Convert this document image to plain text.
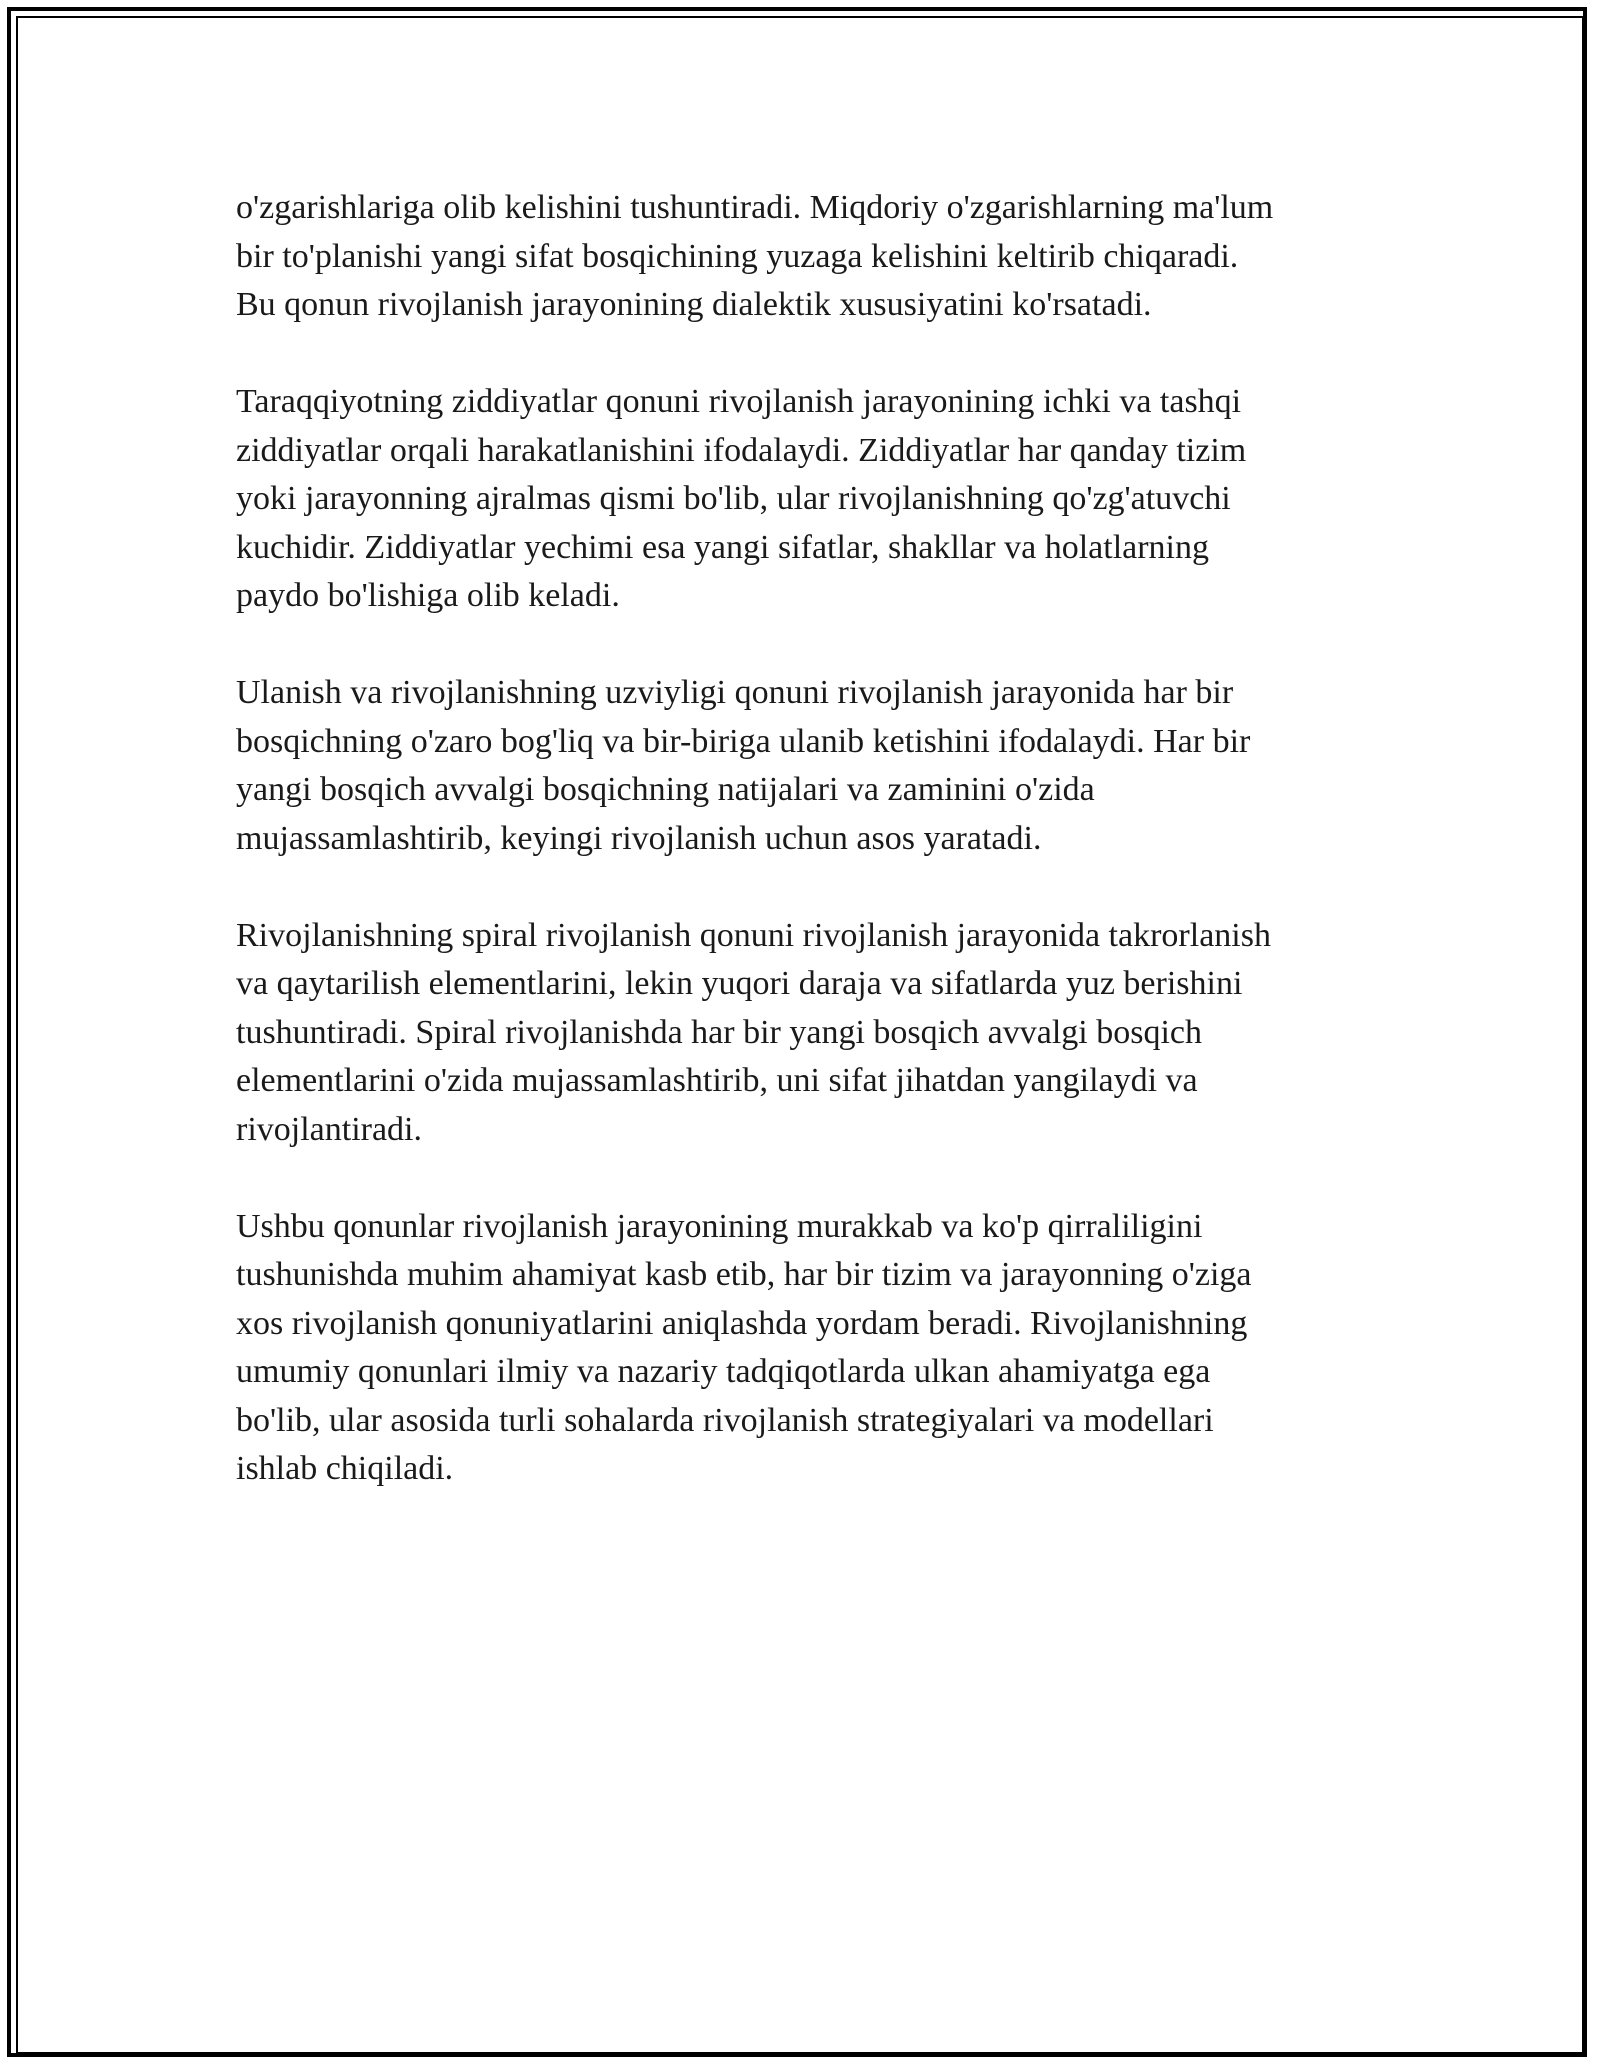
o'zgarishlariga olib kelishini tushuntiradi. Miqdoriy o'zgarishlarning ma'lum
bir to'planishi yangi sifat bosqichining yuzaga kelishini keltirib chiqaradi.
Bu qonun rivojlanish jarayonining dialektik xususiyatini ko'rsatadi.

Taraqqiyotning ziddiyatlar qonuni rivojlanish jarayonining ichki va tashqi
ziddiyatlar orqali harakatlanishini ifodalaydi. Ziddiyatlar har qanday tizim
yoki jarayonning ajralmas qismi bo'lib, ular rivojlanishning qo'zg'atuvchi
kuchidir. Ziddiyatlar yechimi esa yangi sifatlar, shakllar va holatlarning
paydo bo'lishiga olib keladi.

Ulanish va rivojlanishning uzviyligi qonuni rivojlanish jarayonida har bir
bosqichning o'zaro bog'liq va bir-biriga ulanib ketishini ifodalaydi. Har bir
yangi bosqich avvalgi bosqichning natijalari va zaminini o'zida
mujassamlashtirib, keyingi rivojlanish uchun asos yaratadi.

Rivojlanishning spiral rivojlanish qonuni rivojlanish jarayonida takrorlanish
va qaytarilish elementlarini, lekin yuqori daraja va sifatlarda yuz berishini
tushuntiradi. Spiral rivojlanishda har bir yangi bosqich avvalgi bosqich
elementlarini o'zida mujassamlashtirib, uni sifat jihatdan yangilaydi va
rivojlantiradi.

Ushbu qonunlar rivojlanish jarayonining murakkab va ko'p qirraliligini
tushunishda muhim ahamiyat kasb etib, har bir tizim va jarayonning o'ziga
xos rivojlanish qonuniyatlarini aniqlashda yordam beradi. Rivojlanishning
umumiy qonunlari ilmiy va nazariy tadqiqotlarda ulkan ahamiyatga ega
bo'lib, ular asosida turli sohalarda rivojlanish strategiyalari va modellari
ishlab chiqiladi.
